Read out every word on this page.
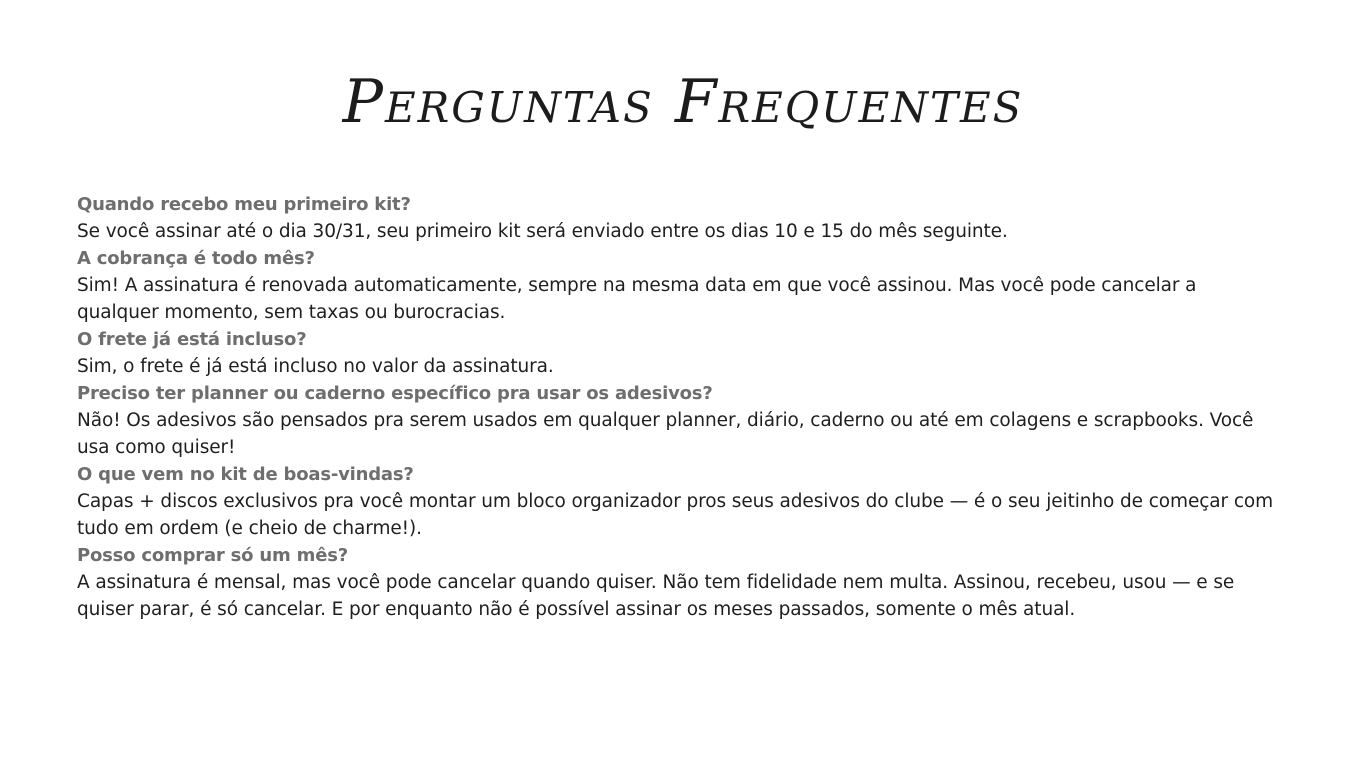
Perguntas Frequentes
Quando recebo meu primeiro kit?
Se você assinar até o dia 30/31, seu primeiro kit será enviado entre os dias 10 e 15 do mês seguinte.
A cobrança é todo mês?
Sim! A assinatura é renovada automaticamente, sempre na mesma data em que você assinou. Mas você pode cancelar a qualquer momento, sem taxas ou burocracias.
O frete já está incluso?
Sim, o frete é já está incluso no valor da assinatura.
Preciso ter planner ou caderno específico pra usar os adesivos?
Não! Os adesivos são pensados pra serem usados em qualquer planner, diário, caderno ou até em colagens e scrapbooks. Você usa como quiser!
O que vem no kit de boas-vindas?
Capas + discos exclusivos pra você montar um bloco organizador pros seus adesivos do clube — é o seu jeitinho de começar com tudo em ordem (e cheio de charme!).
Posso comprar só um mês?
A assinatura é mensal, mas você pode cancelar quando quiser. Não tem fidelidade nem multa. Assinou, recebeu, usou — e se quiser parar, é só cancelar. E por enquanto não é possível assinar os meses passados, somente o mês atual.
